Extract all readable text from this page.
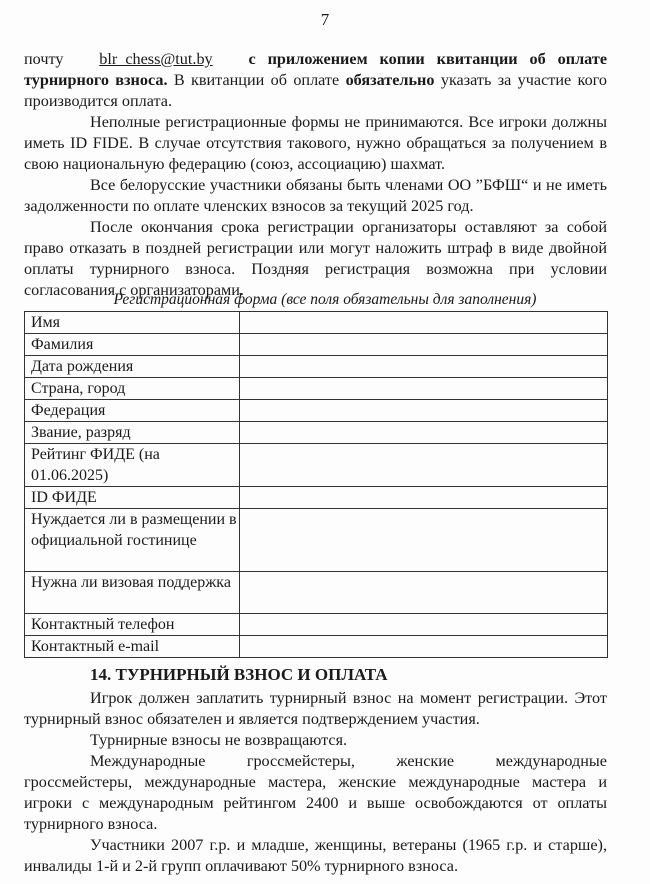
7

почту blr_chess@tut.by с приложением копии квитанции об оплате турнирного взноса. В квитанции об оплате обязательно указать за участие кого производится оплата.

Неполные регистрационные формы не принимаются. Все игроки должны иметь ID FIDE. В случае отсутствия такового, нужно обращаться за получением в свою национальную федерацию (союз, ассоциацию) шахмат.

Все белорусские участники обязаны быть членами ОО ”БФШ“ и не иметь задолженности по оплате членских взносов за текущий 2025 год.

После окончания срока регистрации организаторы оставляют за собой право отказать в поздней регистрации или могут наложить штраф в виде двойной оплаты турнирного взноса. Поздняя регистрация возможна при условии согласования с организаторами.

Регистрационная форма (все поля обязательны для заполнения)
Имя	
Фамилия	
Дата рождения	
Страна, город	
Федерация	
Звание, разряд	
Рейтинг ФИДЕ (на 01.06.2025)	
ID ФИДЕ	
Нуждается ли в размещении в официальной гостинице	
Нужна ли визовая поддержка	
Контактный телефон	
Контактный e-mail	
14. ТУРНИРНЫЙ ВЗНОС И ОПЛАТА

Игрок должен заплатить турнирный взнос на момент регистрации. Этот турнирный взнос обязателен и является подтверждением участия.

Турнирные взносы не возвращаются.

Международные гроссмейстеры, женские международные гроссмейстеры, международные мастера, женские международные мастера и игроки с международным рейтингом 2400 и выше освобождаются от оплаты турнирного взноса.

Участники 2007 г.р. и младше, женщины, ветераны (1965 г.р. и старше), инвалиды 1-й и 2-й групп оплачивают 50% турнирного взноса.
